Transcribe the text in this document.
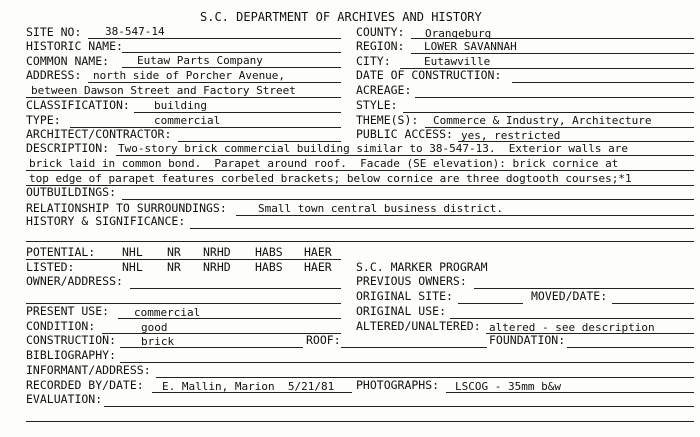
S.C. DEPARTMENT OF ARCHIVES AND HISTORY
SITE NO: 38-547-14
HISTORIC NAME:
COMMON NAME:	Eutaw Parts Company
ADDRESS: north side of Porcher Avenue,
between Dawson Street and Factory Street
CLASSIFICATION: building
TYPE:	commercial
ARCHITECT/CONTRACTOR:
COUNTY: Orangeburg
REGION: LOWER SAVANNAH
CITY:	Eutawville
DATE OF CONSTRUCTION:
ACREAGE:
STYLE:
THEME(S): Commerce & Industry, Architecture
PUBLIC ACCESS: yes, restricted
DESCRIPTION: Two-story brick commercial building similar to 38-547-13.  Exterior walls are
brick laid in common bond.  Parapet around roof.  Facade (SE elevation): brick cornice at
top edge of parapet features corbeled brackets; below cornice are three dogtooth courses;*1
OUTBUILDINGS:
RELATIONSHIP TO SURROUNDINGS:	Small town central business district.
HISTORY & SIGNIFICANCE:
POTENTIAL: NHL NR NRHD HABS HAER
LISTED:	NHL NR NRHD HABS HAER
OWNER/ADDRESS:
S.C. MARKER PROGRAM
PREVIOUS OWNERS:
ORIGINAL SITE:	MOVED/DATE:
ORIGINAL USE:
ALTERED/UNALTERED: altered - see description
PRESENT USE: commercial
CONDITION:	good
CONSTRUCTION: brick	ROOF:	FOUNDATION:
BIBLIOGRAPHY:
INFORMANT/ADDRESS:
RECORDED BY/DATE: E. Mallin, Marion  5/21/81 PHOTOGRAPHS: LSCOG - 35mm b&w
EVALUATION:
